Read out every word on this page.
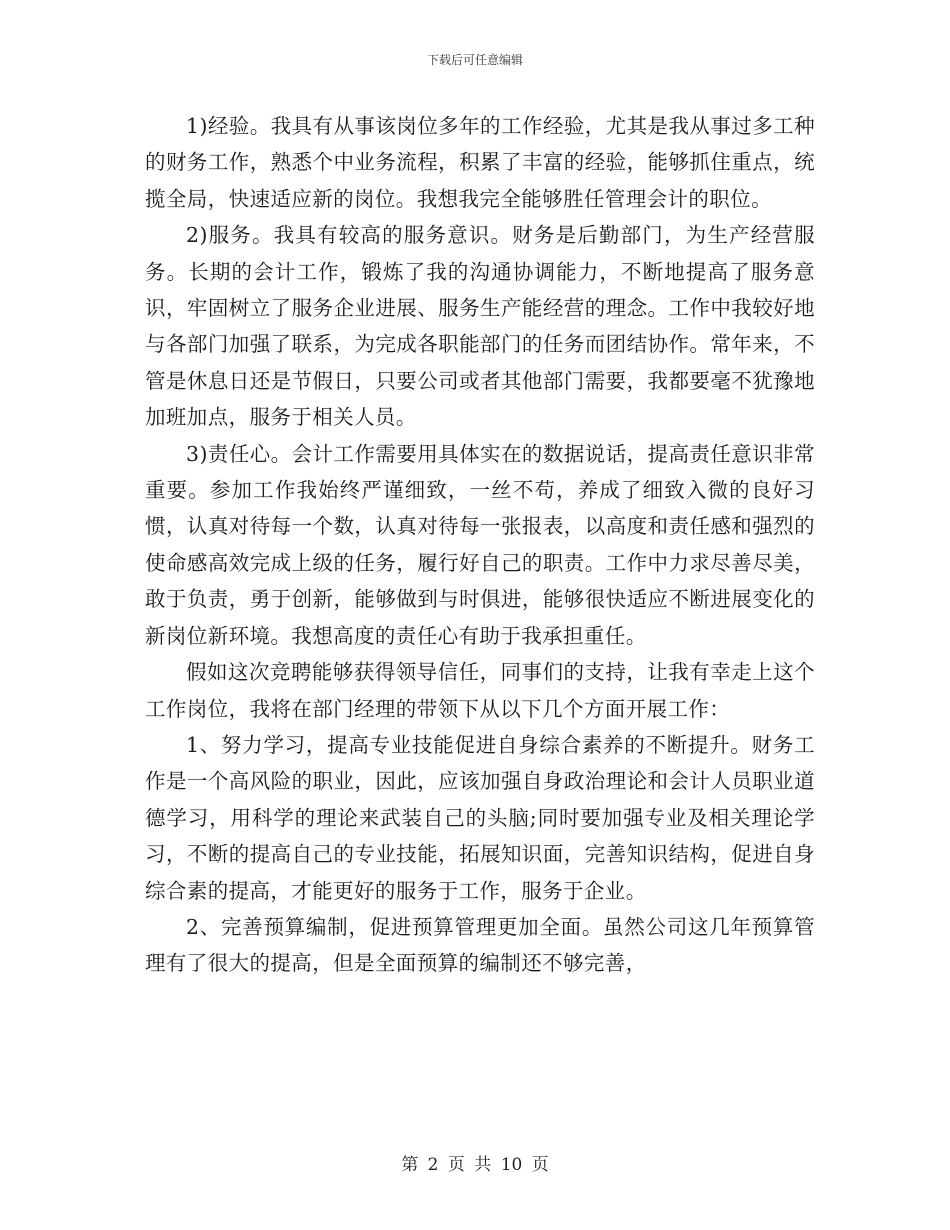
下载后可任意编辑

1)经验。我具有从事该岗位多年的工作经验，尤其是我从事过多工种的财务工作，熟悉个中业务流程，积累了丰富的经验，能够抓住重点，统揽全局，快速适应新的岗位。我想我完全能够胜任管理会计的职位。

2)服务。我具有较高的服务意识。财务是后勤部门，为生产经营服务。长期的会计工作，锻炼了我的沟通协调能力，不断地提高了服务意识，牢固树立了服务企业进展、服务生产能经营的理念。工作中我较好地与各部门加强了联系，为完成各职能部门的任务而团结协作。常年来，不管是休息日还是节假日，只要公司或者其他部门需要，我都要毫不犹豫地加班加点，服务于相关人员。

3)责任心。会计工作需要用具体实在的数据说话，提高责任意识非常重要。参加工作我始终严谨细致，一丝不苟，养成了细致入微的良好习惯，认真对待每一个数，认真对待每一张报表，以高度和责任感和强烈的使命感高效完成上级的任务，履行好自己的职责。工作中力求尽善尽美，敢于负责，勇于创新，能够做到与时俱进，能够很快适应不断进展变化的新岗位新环境。我想高度的责任心有助于我承担重任。

假如这次竞聘能够获得领导信任，同事们的支持，让我有幸走上这个工作岗位，我将在部门经理的带领下从以下几个方面开展工作：

1、努力学习，提高专业技能促进自身综合素养的不断提升。财务工作是一个高风险的职业，因此，应该加强自身政治理论和会计人员职业道德学习，用科学的理论来武装自己的头脑;同时要加强专业及相关理论学习，不断的提高自己的专业技能，拓展知识面，完善知识结构，促进自身综合素的提高，才能更好的服务于工作，服务于企业。

2、完善预算编制，促进预算管理更加全面。虽然公司这几年预算管理有了很大的提高，但是全面预算的编制还不够完善，

第 2 页 共 10 页
